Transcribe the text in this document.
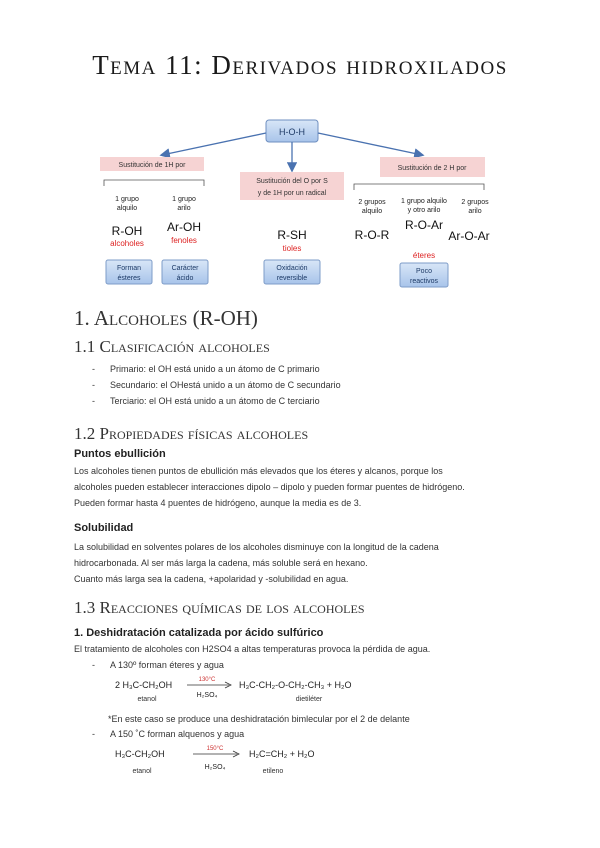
Tema 11: Derivados hidroxilados
H-O-H
Sustitución de 1H por
Sustitución del O por S
y de 1H por un radical
Sustitución de 2 H por
1 grupo
alquilo
1 grupo
arilo
R-OH
alcoholes
Ar-OH
fenoles	R-SH
tioles
2 grupos
alquilo
1 grupo alquilo
y otro arilo
2 grupos
arilo
R-O-R
R-O-Ar
Ar-O-Ar
éteres
Forman
ésteres
Carácter
ácido
Oxidación
reversible
Poco
reactivos
1. Alcoholes (R-OH)
1.1 Clasificación alcoholes
- Primario: el OH está unido a un átomo de C primario
- Secundario: el OHestá unido a un átomo de C secundario
- Terciario: el OH está unido a un átomo de C terciario
1.2 Propiedades físicas alcoholes
Puntos ebullición
Los alcoholes tienen puntos de ebullición más elevados que los éteres y alcanos, porque los
alcoholes pueden establecer interacciones dipolo – dipolo y pueden formar puentes de hidrógeno.
Pueden formar hasta 4 puentes de hidrógeno, aunque la media es de 3.
Solubilidad
La solubilidad en solventes polares de los alcoholes disminuye con la longitud de la cadena
hidrocarbonada. Al ser más larga la cadena, más soluble será en hexano.
Cuanto más larga sea la cadena, +apolaridad y -solubilidad en agua.
1.3 Reacciones químicas de los alcoholes
1. Deshidratación catalizada por ácido sulfúrico
El tratamiento de alcoholes con H2SO4 a altas temperaturas provoca la pérdida de agua.
- A 130º forman éteres y agua
2 H₃C-CH₂OH
etanol
130°C
H₂SO₄
H₃C-CH₂-O-CH₂-CH₃ + H₂O
dietiléter
*En este caso se produce una deshidratación bimlecular por el 2 de delante
- A 150 ˚C forman alquenos y agua
H₃C-CH₂OH
etanol
150°C
H₂SO₄
H₂C=CH₂ + H₂O
etileno
